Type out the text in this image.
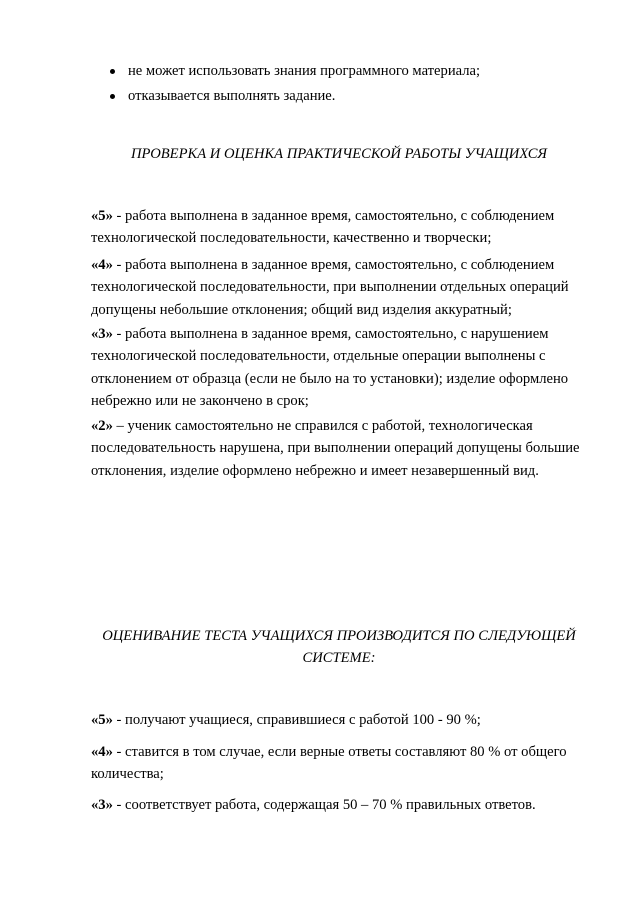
не может использовать знания программного материала;
отказывается выполнять задание.
ПРОВЕРКА И ОЦЕНКА ПРАКТИЧЕСКОЙ РАБОТЫ УЧАЩИХСЯ

«5» - работа выполнена в заданное время, самостоятельно, с соблюдением технологической последовательности, качественно и творчески;

«4» - работа выполнена в заданное время, самостоятельно, с соблюдением технологической последовательности, при выполнении отдельных операций допущены небольшие отклонения; общий вид изделия аккуратный;

«3» - работа выполнена в заданное время, самостоятельно, с нарушением технологической последовательности, отдельные операции выполнены с отклонением от образца (если не было на то установки); изделие оформлено небрежно или не закончено в срок;

«2» – ученик самостоятельно не справился с работой, технологическая последовательность нарушена, при выполнении операций допущены большие отклонения, изделие оформлено небрежно и имеет незавершенный вид.

ОЦЕНИВАНИЕ ТЕСТА УЧАЩИХСЯ ПРОИЗВОДИТСЯ ПО СЛЕДУЮЩЕЙ
СИСТЕМЕ:

«5» - получают учащиеся, справившиеся с работой 100 - 90 %;

«4» - ставится в том случае, если верные ответы составляют 80 % от общего количества;

«3» - соответствует работа, содержащая 50 – 70 % правильных ответов.
